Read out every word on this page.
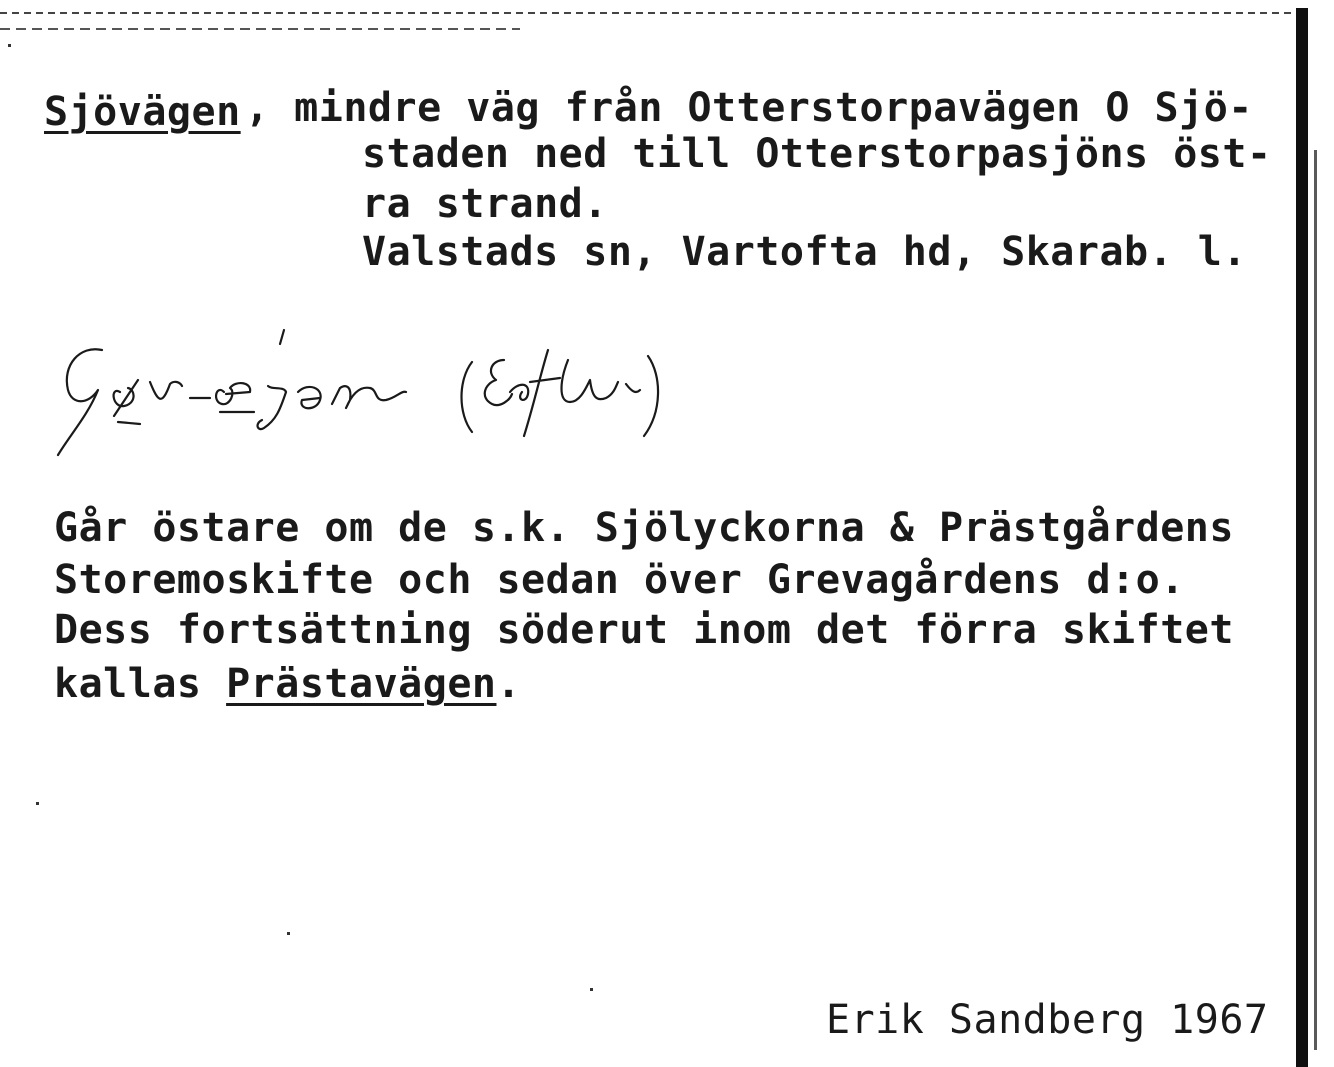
Sjövägen , mindre väg från Otterstorpavägen O Sjö-
staden ned till Otterstorpasjöns öst-
ra strand.
Valstads sn, Vartofta hd, Skarab. l.
Går östare om de s.k. Sjölyckorna & Prästgårdens
Storemoskifte och sedan över Grevagårdens d:o.
Dess fortsättning söderut inom det förra skiftet
kallas Prästavägen.
Erik Sandberg 1967
